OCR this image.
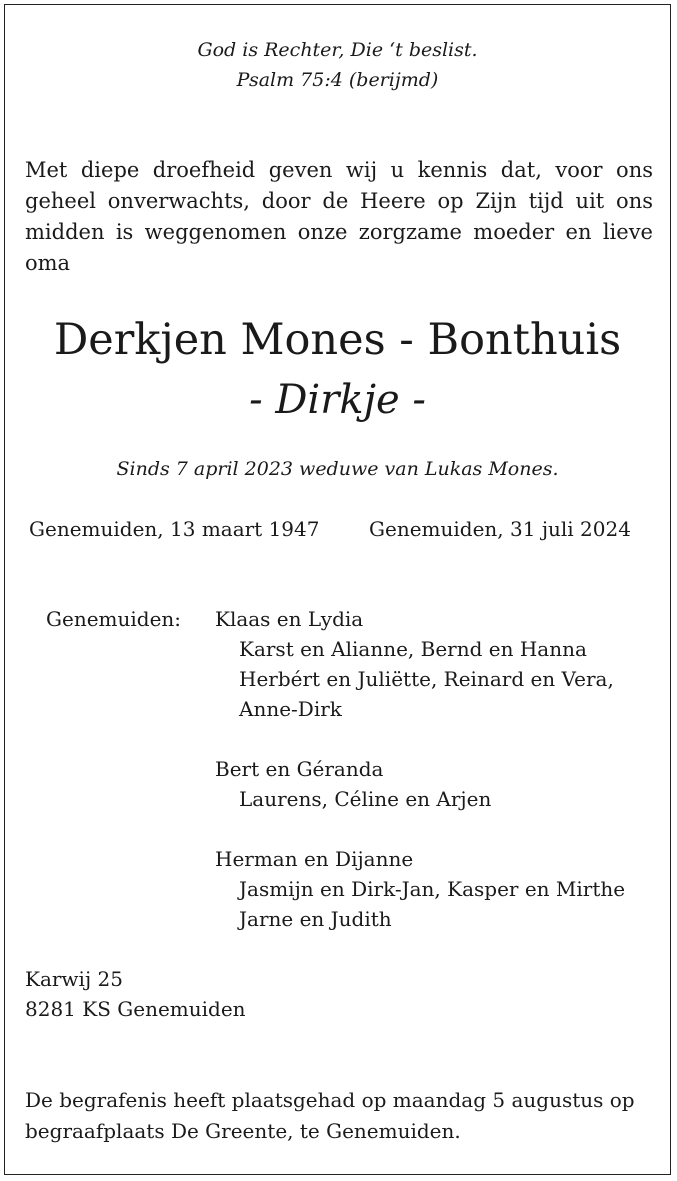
God is Rechter, Die ‘t beslist.
Psalm 75:4 (berijmd)
Met diepe droefheid geven wij u kennis dat, voor ons geheel onverwachts, door de Heere op Zijn tijd uit ons midden is weggenomen onze zorgzame moeder en lieve oma
Derkjen Mones - Bonthuis
- Dirkje -
Sinds 7 april 2023 weduwe van Lukas Mones.
Genemuiden, 13 maart 1947 Genemuiden, 31 juli 2024
Genemuiden: Klaas en Lydia
Karst en Alianne, Bernd en Hanna
Herbért en Juliëtte, Reinard en Vera,
Anne-Dirk
Bert en Géranda
Laurens, Céline en Arjen
Herman en Dijanne
Jasmijn en Dirk-Jan, Kasper en Mirthe
Jarne en Judith
Karwij 25
8281 KS Genemuiden
De begrafenis heeft plaatsgehad op maandag 5 augustus op begraafplaats De Greente, te Genemuiden.
